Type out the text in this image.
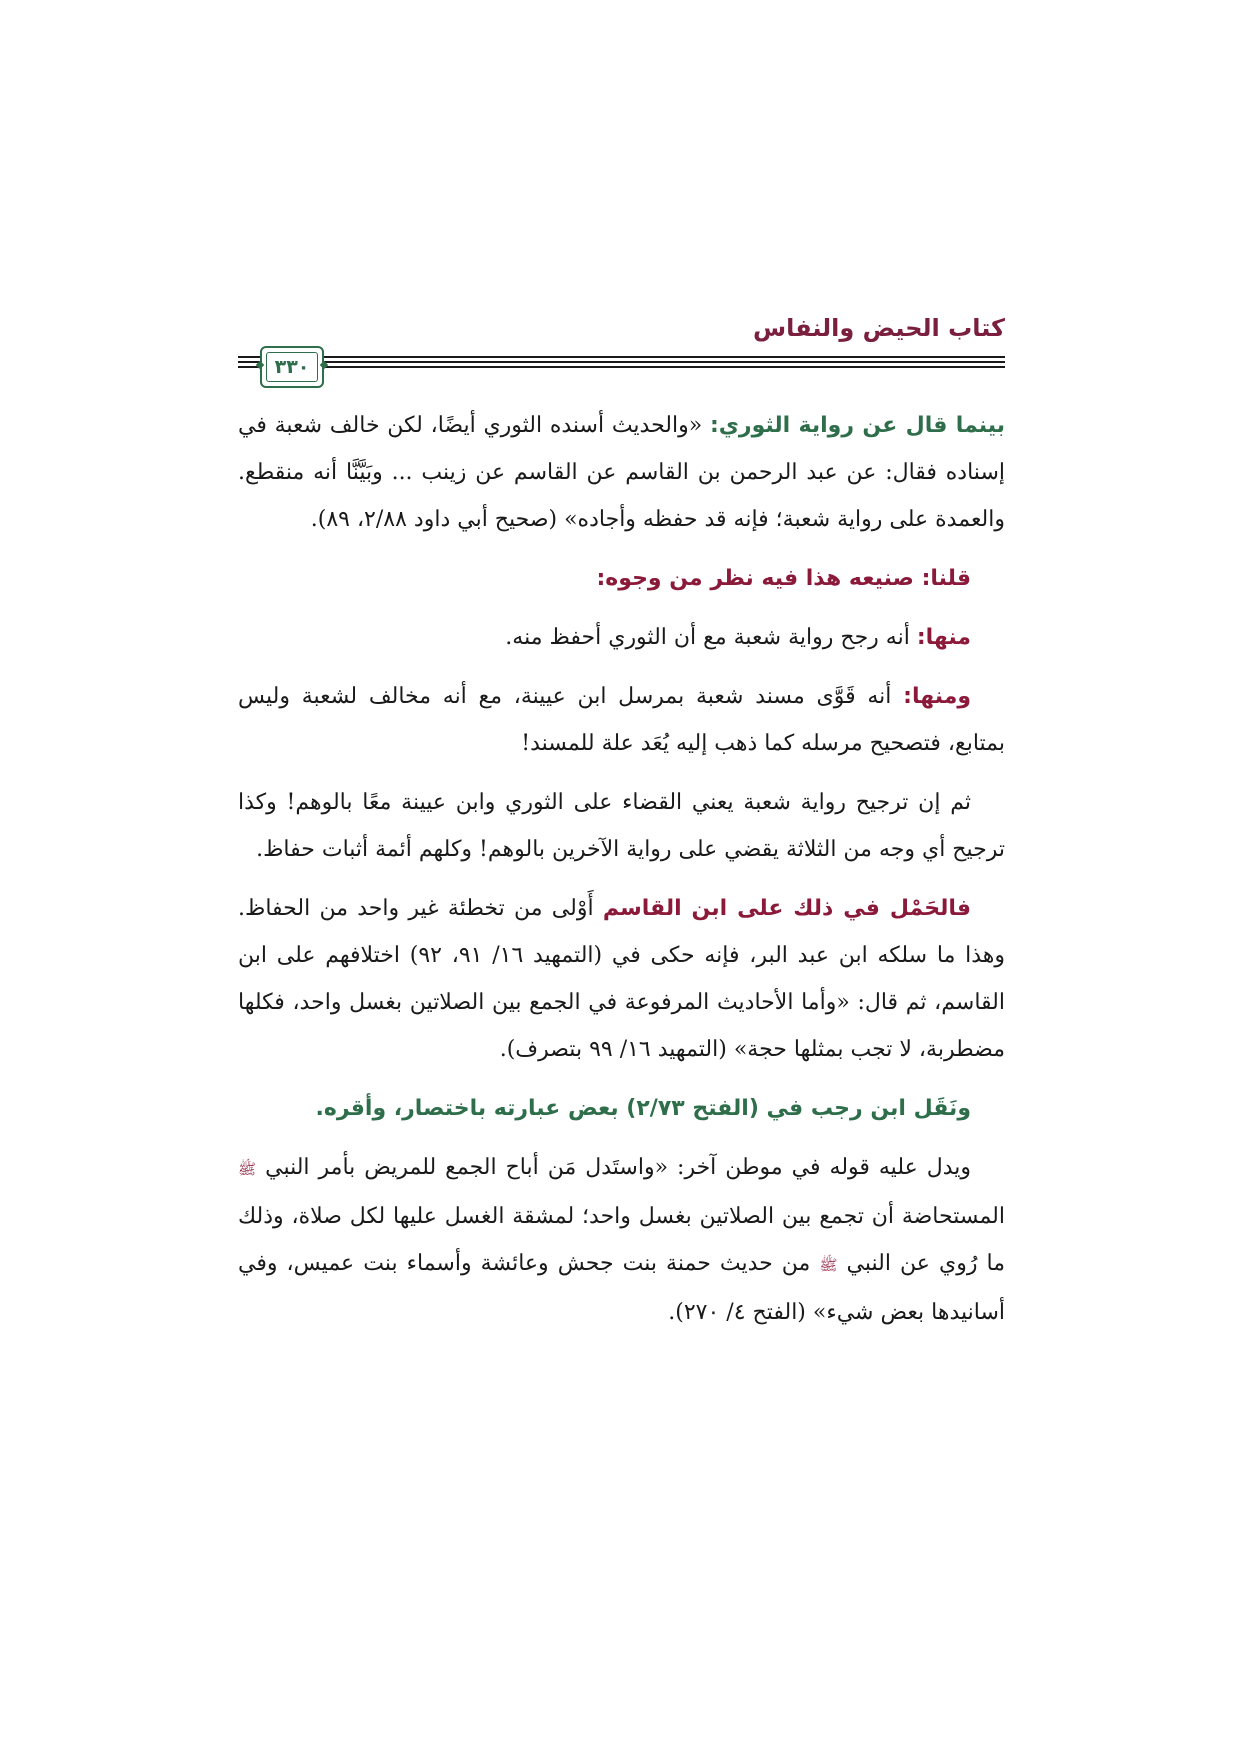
كتاب الحيض والنفاس
٣٣٠

بينما قال عن رواية الثوري: «والحديث أسنده الثوري أيضًا، لكن خالف شعبة في إسناده فقال: عن عبد الرحمن بن القاسم عن القاسم عن زينب ... وبَيَّنَّا أنه منقطع. والعمدة على رواية شعبة؛ فإنه قد حفظه وأجاده» (صحيح أبي داود ٢/٨٨، ٨٩).

قلنا: صنيعه هذا فيه نظر من وجوه:

منها: أنه رجح رواية شعبة مع أن الثوري أحفظ منه.

ومنها: أنه قَوَّى مسند شعبة بمرسل ابن عيينة، مع أنه مخالف لشعبة وليس بمتابع، فتصحيح مرسله كما ذهب إليه يُعَد علة للمسند!

ثم إن ترجيح رواية شعبة يعني القضاء على الثوري وابن عيينة معًا بالوهم! وكذا ترجيح أي وجه من الثلاثة يقضي على رواية الآخرين بالوهم! وكلهم أئمة أثبات حفاظ.

فالحَمْل في ذلك على ابن القاسم أَوْلى من تخطئة غير واحد من الحفاظ. وهذا ما سلكه ابن عبد البر، فإنه حكى في (التمهيد ١٦/ ٩١، ٩٢) اختلافهم على ابن القاسم، ثم قال: «وأما الأحاديث المرفوعة في الجمع بين الصلاتين بغسل واحد، فكلها مضطربة، لا تجب بمثلها حجة» (التمهيد ١٦/ ٩٩ بتصرف).

ونَقَل ابن رجب في (الفتح ٢/٧٣) بعض عبارته باختصار، وأقره.

ويدل عليه قوله في موطن آخر: «واستَدل مَن أباح الجمع للمريض بأمر النبي ﷺ المستحاضة أن تجمع بين الصلاتين بغسل واحد؛ لمشقة الغسل عليها لكل صلاة، وذلك ما رُوي عن النبي ﷺ من حديث حمنة بنت جحش وعائشة وأسماء بنت عميس، وفي أسانيدها بعض شيء» (الفتح ٤/ ٢٧٠).
